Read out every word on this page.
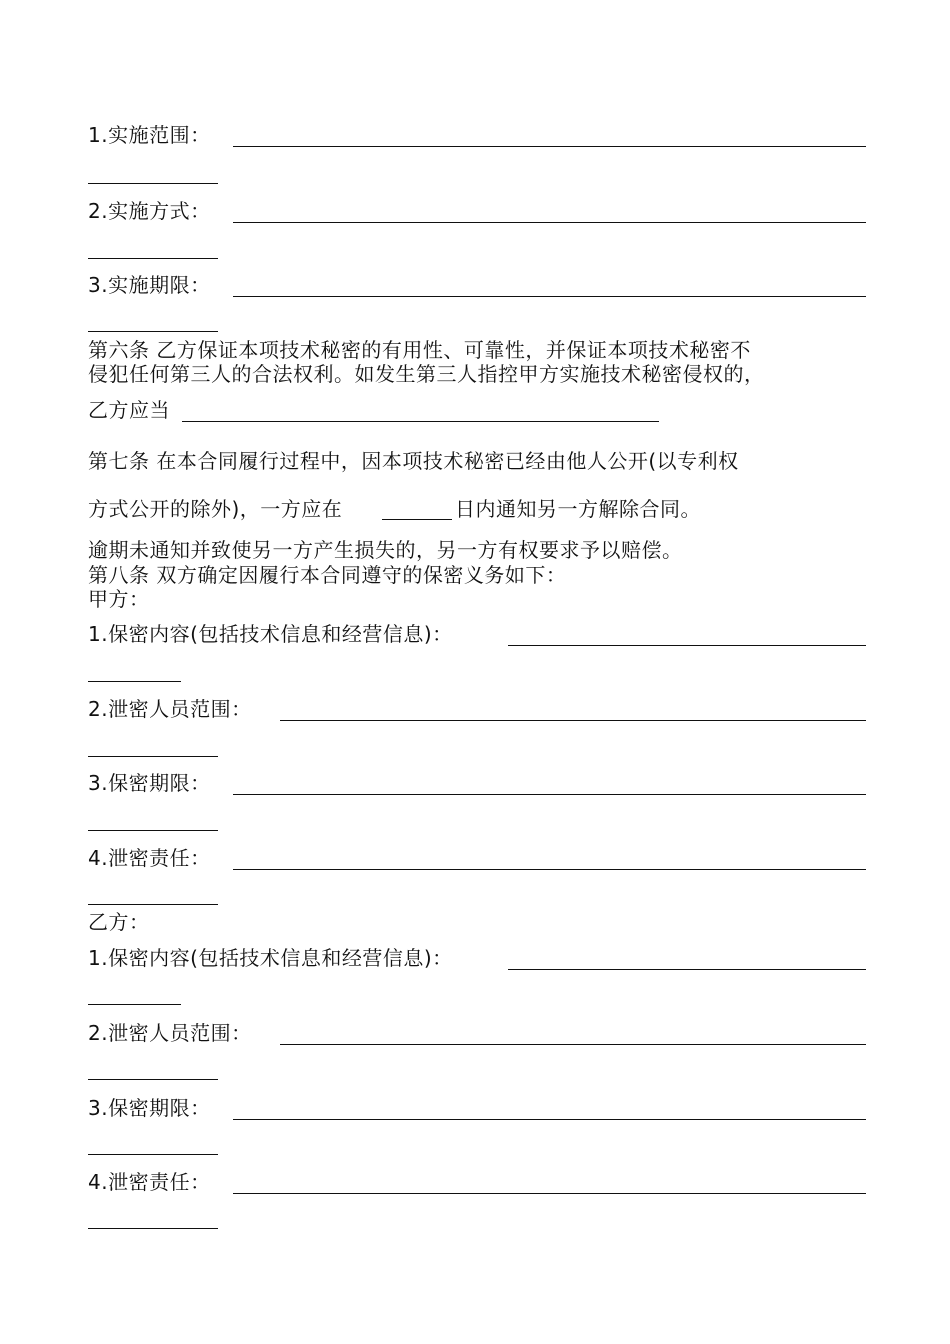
1.实施范围：
2.实施方式：
3.实施期限：
第六条 乙方保证本项技术秘密的有用性、可靠性，并保证本项技术秘密不
侵犯任何第三人的合法权利。如发生第三人指控甲方实施技术秘密侵权的，
乙方应当
第七条 在本合同履行过程中，因本项技术秘密已经由他人公开(以专利权
方式公开的除外)，一方应在	日内通知另一方解除合同。
逾期未通知并致使另一方产生损失的，另一方有权要求予以赔偿。
第八条 双方确定因履行本合同遵守的保密义务如下：
甲方：
1.保密内容(包括技术信息和经营信息)：
2.泄密人员范围：
3.保密期限：
4.泄密责任：
乙方：
1.保密内容(包括技术信息和经营信息)：
2.泄密人员范围：
3.保密期限：
4.泄密责任：
